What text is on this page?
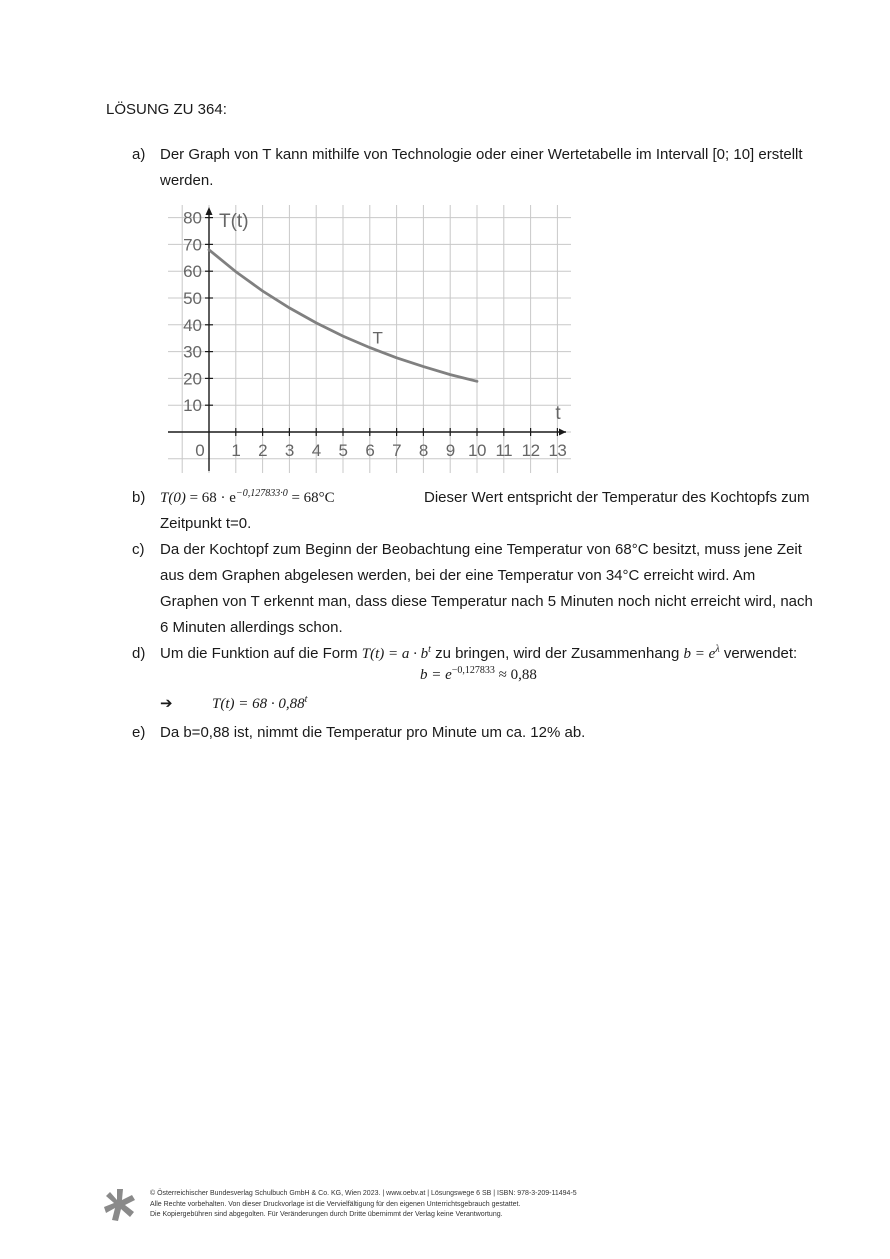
LÖSUNG ZU 364:
a) Der Graph von T kann mithilfe von Technologie oder einer Wertetabelle im Intervall [0; 10] erstellt
werden.
1 2 3 4 5 6 7 8 9 10 11 12 13
10
20
30
40
50
60
70
80
0
T(t)
t
T
b) $T(0) = 68 \cdot e^{-0,127833\cdot 0} = 68^\circ C$	Dieser Wert entspricht der Temperatur des Kochtopfs zum
Zeitpunkt t=0.
c) Da der Kochtopf zum Beginn der Beobachtung eine Temperatur von 68°C besitzt, muss jene Zeit
aus dem Graphen abgelesen werden, bei der eine Temperatur von 34°C erreicht wird. Am
Graphen von T erkennt man, dass diese Temperatur nach 5 Minuten noch nicht erreicht wird, nach
6 Minuten allerdings schon.
d) Um die Funktion auf die Form $T(t) = a \cdot b^t$ zu bringen, wird der Zusammenhang $b = e^\lambda$ verwendet:
$b = e^{-0,127833} \approx 0,88$
➔	$T(t) = 68 \cdot 0,88^t$
e) Da b=0,88 ist, nimmt die Temperatur pro Minute um ca. 12% ab.
© Österreichischer Bundesverlag Schulbuch GmbH & Co. KG, Wien 2023. | www.oebv.at | Lösungswege 6 SB | ISBN: 978-3-209-11494-5
Alle Rechte vorbehalten. Von dieser Druckvorlage ist die Vervielfältigung für den eigenen Unterrichtsgebrauch gestattet.
Die Kopiergebühren sind abgegolten. Für Veränderungen durch Dritte übernimmt der Verlag keine Verantwortung.
